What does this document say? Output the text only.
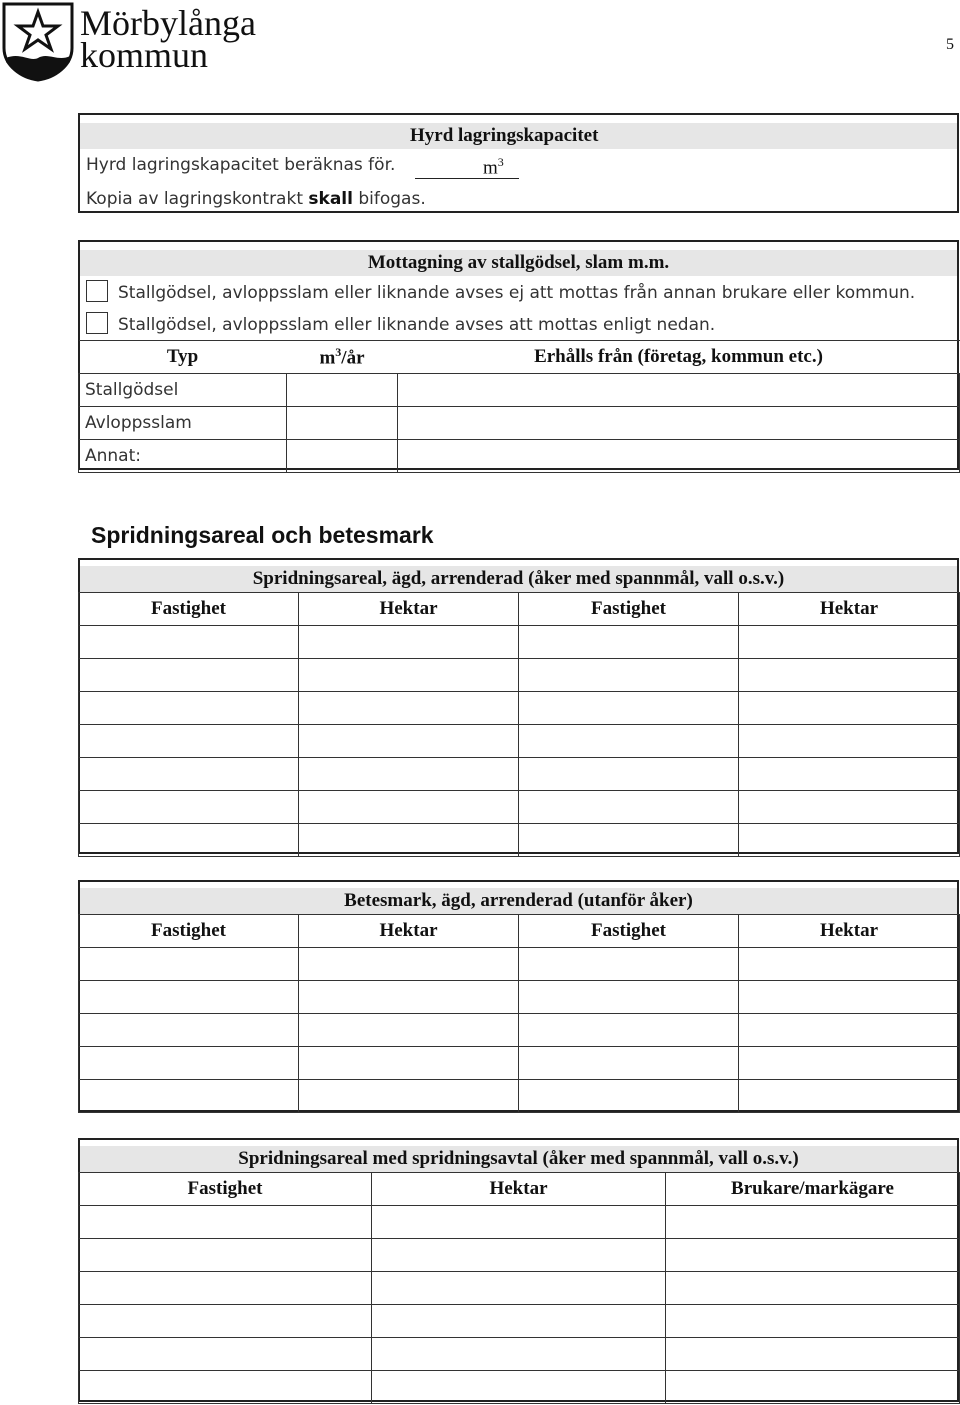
Mörbylånga
kommun	5
Hyrd lagringskapacitet
Hyrd lagringskapacitet beräknas för.	$m^3$
Kopia av lagringskontrakt skall bifogas.
Mottagning av stallgödsel, slam m.m.
Stallgödsel, avloppsslam eller liknande avses ej att mottas från annan brukare eller kommun.
Stallgödsel, avloppsslam eller liknande avses att mottas enligt nedan.
Typ	$m^3/år$	Erhålls från (företag, kommun etc.)
Stallgödsel		
Avloppsslam		
Annat:		
Spridningsareal och betesmark
Spridningsareal, ägd, arrenderad (åker med spannmål, vall o.s.v.)
Fastighet	Hektar	Fastighet	Hektar

Betesmark, ägd, arrenderad (utanför åker)
Fastighet	Hektar	Fastighet	Hektar

Spridningsareal med spridningsavtal (åker med spannmål, vall o.s.v.)
Fastighet	Hektar	Brukare/markägare
